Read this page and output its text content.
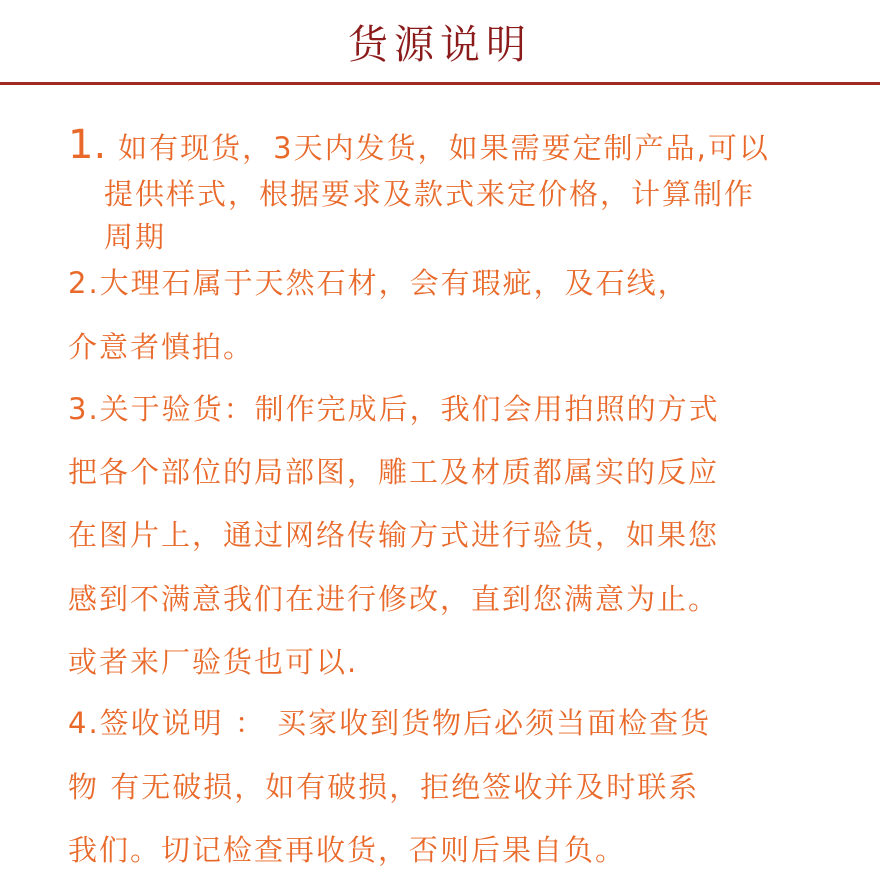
货源说明
1. 如有现货，3天内发货，如果需要定制产品,可以
提供样式，根据要求及款式来定价格，计算制作
周期
2.大理石属于天然石材，会有瑕疵，及石线，
介意者慎拍。
3.关于验货：制作完成后，我们会用拍照的方式
把各个部位的局部图，雕工及材质都属实的反应
在图片上，通过网络传输方式进行验货，如果您
感到不满意我们在进行修改，直到您满意为止。
或者来厂验货也可以.
4.签收说明 ： 买家收到货物后必须当面检查货
物 有无破损，如有破损，拒绝签收并及时联系
我们。切记检查再收货，否则后果自负。
